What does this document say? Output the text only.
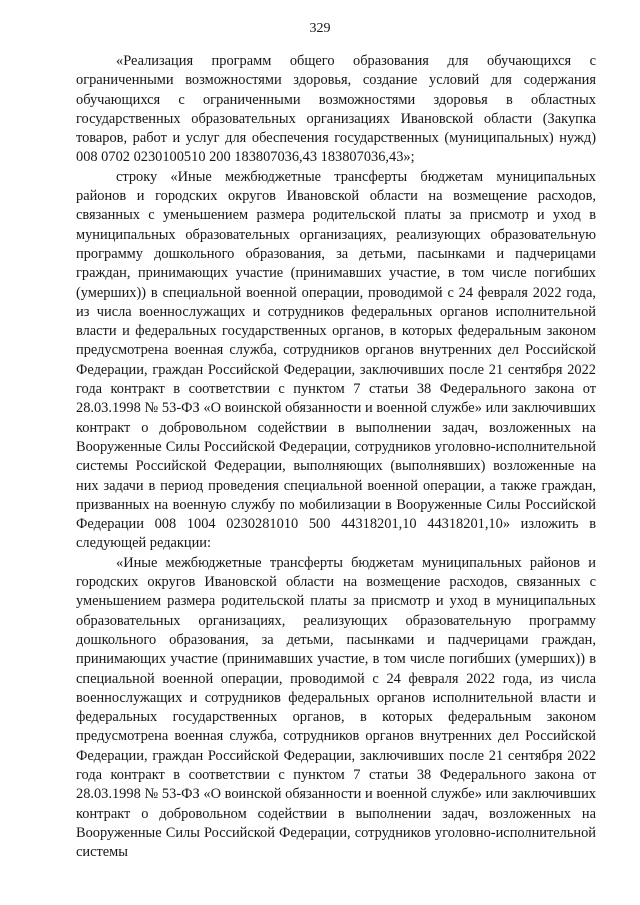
329

«Реализация программ общего образования для обучающихся с ограниченными возможностями здоровья, создание условий для содержания обучающихся с ограниченными возможностями здоровья в областных государственных образовательных организациях Ивановской области (Закупка товаров, работ и услуг для обеспечения государственных (муниципальных) нужд) 008 0702 0230100510 200 183807036,43 183807036,43»;

строку «Иные межбюджетные трансферты бюджетам муниципальных районов и городских округов Ивановской области на возмещение расходов, связанных с уменьшением размера родительской платы за присмотр и уход в муниципальных образовательных организациях, реализующих образовательную программу дошкольного образования, за детьми, пасынками и падчерицами граждан, принимающих участие (принимавших участие, в том числе погибших (умерших)) в специальной военной операции, проводимой с 24 февраля 2022 года, из числа военнослужащих и сотрудников федеральных органов исполнительной власти и федеральных государственных органов, в которых федеральным законом предусмотрена военная служба, сотрудников органов внутренних дел Российской Федерации, граждан Российской Федерации, заключивших после 21 сентября 2022 года контракт в соответствии с пунктом 7 статьи 38 Федерального закона от 28.03.1998 № 53-ФЗ «О воинской обязанности и военной службе» или заключивших контракт о добровольном содействии в выполнении задач, возложенных на Вооруженные Силы Российской Федерации, сотрудников уголовно-исполнительной системы Российской Федерации, выполняющих (выполнявших) возложенные на них задачи в период проведения специальной военной операции, а также граждан, призванных на военную службу по мобилизации в Вооруженные Силы Российской Федерации 008 1004 0230281010 500 44318201,10 44318201,10» изложить в следующей редакции:

«Иные межбюджетные трансферты бюджетам муниципальных районов и городских округов Ивановской области на возмещение расходов, связанных с уменьшением размера родительской платы за присмотр и уход в муниципальных образовательных организациях, реализующих образовательную программу дошкольного образования, за детьми, пасынками и падчерицами граждан, принимающих участие (принимавших участие, в том числе погибших (умерших)) в специальной военной операции, проводимой с 24 февраля 2022 года, из числа военнослужащих и сотрудников федеральных органов исполнительной власти и федеральных государственных органов, в которых федеральным законом предусмотрена военная служба, сотрудников органов внутренних дел Российской Федерации, граждан Российской Федерации, заключивших после 21 сентября 2022 года контракт в соответствии с пунктом 7 статьи 38 Федерального закона от 28.03.1998 № 53-ФЗ «О воинской обязанности и военной службе» или заключивших контракт о добровольном содействии в выполнении задач, возложенных на Вооруженные Силы Российской Федерации, сотрудников уголовно-исполнительной системы
